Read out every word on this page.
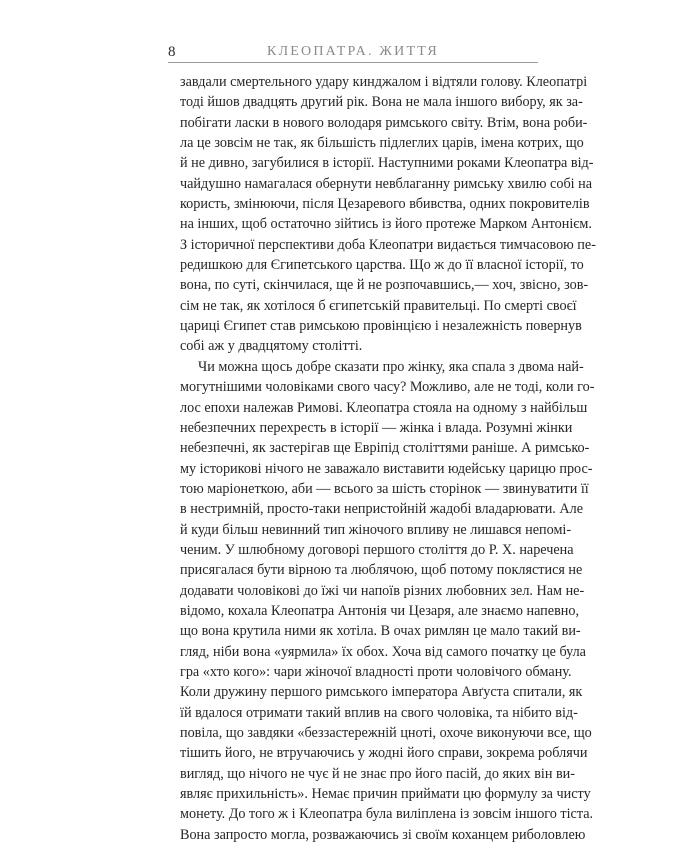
8	КЛЕОПАТРА. ЖИТТЯ
завдали смертельного удару кинджалом і відтяли голову. Клеопатрі
тоді йшов двадцять другий рік. Вона не мала іншого вибору, як за-
побігати ласки в нового володаря римського світу. Втім, вона роби-
ла це зовсім не так, як більшість підлеглих царів, імена котрих, що
й не дивно, загубилися в історії. Наступними роками Клеопатра від-
чайдушно намагалася обернути невблаганну римську хвилю собі на
користь, змінюючи, після Цезаревого вбивства, одних покровителів
на інших, щоб остаточно зійтись із його протеже Марком Антонієм.
З історичної перспективи доба Клеопатри видається тимчасовою пе-
редишкою для Єгипетського царства. Що ж до її власної історії, то
вона, по суті, скінчилася, ще й не розпочавшись,— хоч, звісно, зов-
сім не так, як хотілося б єгипетській правительці. По смерті своєї
цариці Єгипет став римською провінцією і незалежність повернув
собі аж у двадцятому столітті.
Чи можна щось добре сказати про жінку, яка спала з двома най-
могутнішими чоловіками свого часу? Можливо, але не тоді, коли го-
лос епохи належав Римові. Клеопатра стояла на одному з найбільш
небезпечних перехресть в історії — жінка і влада. Розумні жінки
небезпечні, як застерігав ще Евріпід століттями раніше. А римсько-
му історикові нічого не заважало виставити юдейську царицю прос-
тою маріонеткою, аби — всього за шість сторінок — звинуватити її
в нестримній, просто-таки непристойній жадобі владарювати. Але
й куди більш невинний тип жіночого впливу не лишався непомі-
ченим. У шлюбному договорі першого століття до Р. Х. наречена
присягалася бути вірною та люблячою, щоб потому поклястися не
додавати чоловікові до їжі чи напоїв різних любовних зел. Нам не-
відомо, кохала Клеопатра Антонія чи Цезаря, але знаємо напевно,
що вона крутила ними як хотіла. В очах римлян це мало такий ви-
гляд, ніби вона «уярмила» їх обох. Хоча від самого початку це була
гра «хто кого»: чари жіночої владності проти чоловічого обману.
Коли дружину першого римського імператора Авґуста спитали, як
їй вдалося отримати такий вплив на свого чоловіка, та нібито від-
повіла, що завдяки «беззастережній цноті, охоче виконуючи все, що
тішить його, не втручаючись у жодні його справи, зокрема роблячи
вигляд, що нічого не чує й не знає про його пасій, до яких він ви-
являє прихильність». Немає причин приймати цю формулу за чисту
монету. До того ж і Клеопатра була виліплена із зовсім іншого тіста.
Вона запросто могла, розважаючись зі своїм коханцем риболовлею
